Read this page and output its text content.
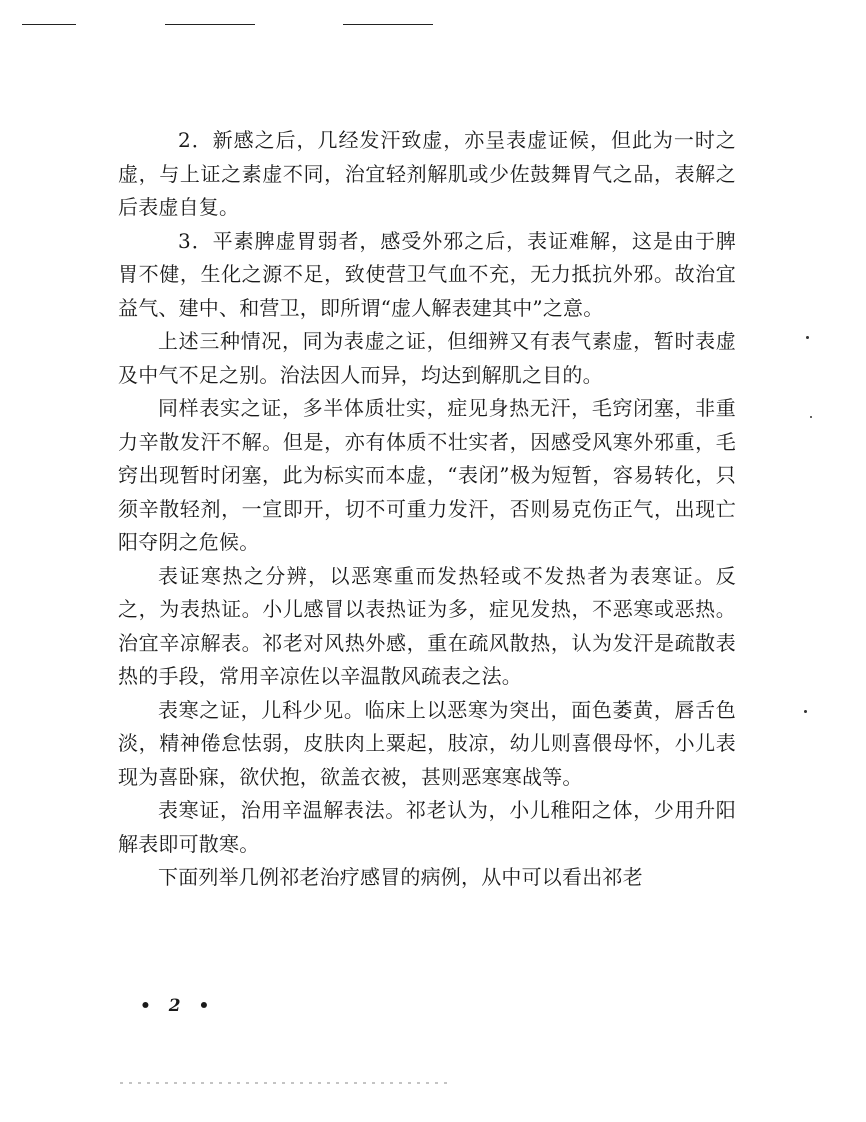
2．新感之后，几经发汗致虚，亦呈表虚证候，但此为一时之虚，与上证之素虚不同，治宜轻剂解肌或少佐鼓舞胃气之品，表解之后表虚自复。

3．平素脾虚胃弱者，感受外邪之后，表证难解，这是由于脾胃不健，生化之源不足，致使营卫气血不充，无力抵抗外邪。故治宜益气、建中、和营卫，即所谓“虚人解表建其中”之意。

上述三种情况，同为表虚之证，但细辨又有表气素虚，暂时表虚及中气不足之别。治法因人而异，均达到解肌之目的。

同样表实之证，多半体质壮实，症见身热无汗，毛窍闭塞，非重力辛散发汗不解。但是，亦有体质不壮实者，因感受风寒外邪重，毛窍出现暂时闭塞，此为标实而本虚，“表闭”极为短暂，容易转化，只须辛散轻剂，一宣即开，切不可重力发汗，否则易克伤正气，出现亡阳夺阴之危候。

表证寒热之分辨，以恶寒重而发热轻或不发热者为表寒证。反之，为表热证。小儿感冒以表热证为多，症见发热，不恶寒或恶热。治宜辛凉解表。祁老对风热外感，重在疏风散热，认为发汗是疏散表热的手段，常用辛凉佐以辛温散风疏表之法。

表寒之证，儿科少见。临床上以恶寒为突出，面色萎黄，唇舌色淡，精神倦怠怯弱，皮肤肉上粟起，肢凉，幼儿则喜偎母怀，小儿表现为喜卧寐，欲伏抱，欲盖衣被，甚则恶寒寒战等。

表寒证，治用辛温解表法。祁老认为，小儿稚阳之体，少用升阳解表即可散寒。

下面列举几例祁老治疗感冒的病例，从中可以看出祁老

• 2 •
